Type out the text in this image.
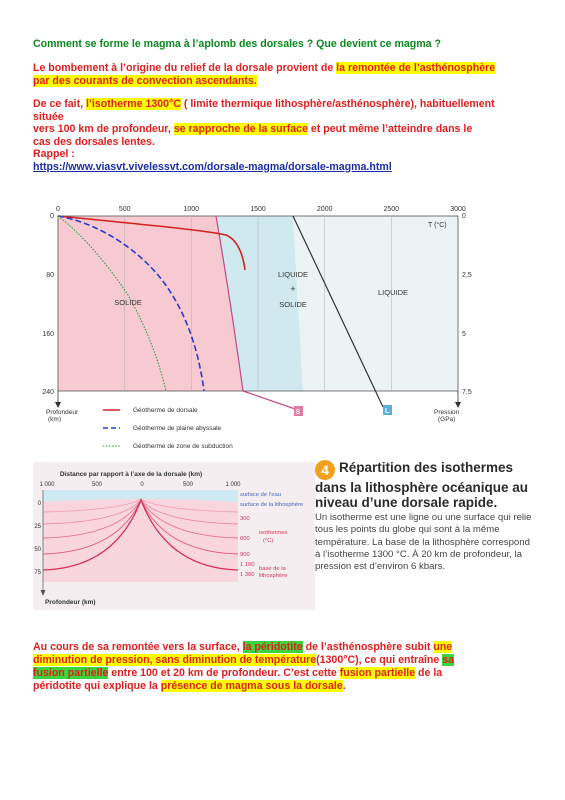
Comment se forme le magma à l’aplomb des dorsales ? Que devient ce magma ?
Le bombement à l’origine du relief de la dorsale provient de la remontée de l’asthénosphère
par des courants de convection ascendants.
De ce fait, l’isotherme 1300°C ( limite thermique lithosphère/asthénosphère), habituellement
située
vers 100 km de profondeur, se rapproche de la surface et peut même l’atteindre dans le
cas des dorsales lentes.
Rappel :
https://www.viasvt.vivelessvt.com/dorsale-magma/dorsale-magma.html
0	500	1000	1500	2000	2500	3000
T (°C)
0
80
160
240
0
2,5
5
7,5
Profondeur
(km)
Pression
(GPa)
S	L
SOLIDE
LIQUIDE
+
SOLIDE
LIQUIDE
Géotherme de dorsale
Géotherme de plaine abyssale
Géotherme de zone de subduction
Distance par rapport à l’axe de la dorsale (km)
1 000	500	0	500	1 000
0
25
50
75
Profondeur (km)
surface de l’eau
surface de la lithosphère
300
600
900
1 100
1 300
isothermes
(°C)
base de la
lithosphère
4 Répartition des isothermes dans la lithosphère océanique au niveau d’une dorsale rapide.
Un isotherme est une ligne ou une surface qui relie tous les points du globe qui sont à la même température. La base de la lithosphère correspond à l’isotherme 1300 °C. À 20 km de profondeur, la pression est d’environ 6 kbars.
Au cours de sa remontée vers la surface, la péridotite de l’asthénosphère subit une
diminution de pression, sans diminution de température(1300°C), ce qui entraîne sa
fusion partielle entre 100 et 20 km de profondeur. C’est cette fusion partielle de la
péridotite qui explique la présence de magma sous la dorsale.
